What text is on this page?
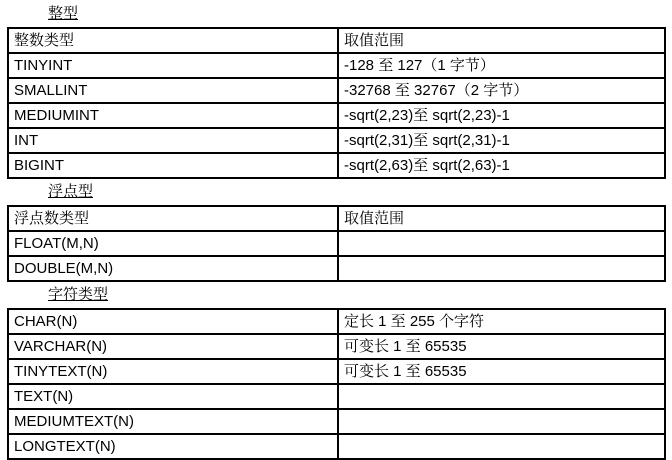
整型
整数类型	取值范围
TINYINT	-128 至 127（1 字节）
SMALLINT	-32768 至 32767（2 字节）
MEDIUMINT	-sqrt(2,23)至 sqrt(2,23)-1
INT	-sqrt(2,31)至 sqrt(2,31)-1
BIGINT	-sqrt(2,63)至 sqrt(2,63)-1
浮点型
浮点数类型	取值范围
FLOAT(M,N)	
DOUBLE(M,N)	
字符类型
CHAR(N)	定长 1 至 255 个字符
VARCHAR(N)	可变长 1 至 65535
TINYTEXT(N)	可变长 1 至 65535
TEXT(N)	
MEDIUMTEXT(N)	
LONGTEXT(N)	
